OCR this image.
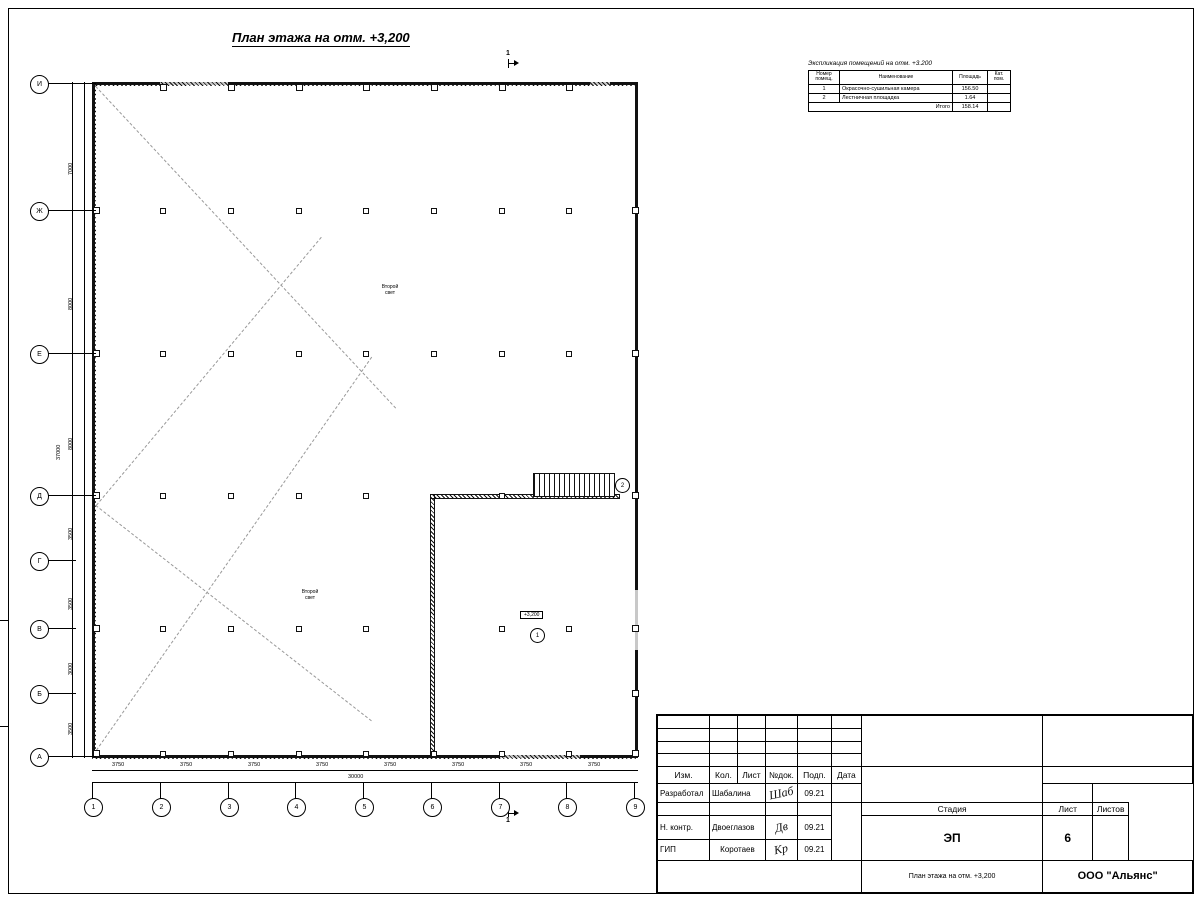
План этажа на отм. +3,200
1
1
Второй
свет
Второй
свет
2
+3,200
1
7000
8000
8000
3500
3500
3000
3500
37000
И
Ж
Е
Д
Г
В
Б
А
3750	3750	3750	3750	3750	3750	3750	3750
30000
1	2	3	4	5	6	7	8	9
Экспликация помещений на отм. +3.200
Номер помещ.	Наименование	Площадь	Кат. пом.
1	Окрасочно-сушильная камера	156.50	
2	Лестничная площадка	1.64	
Итого		158.14	

Изм.	Кол.	Лист	№док.	Подп.	Дата			
Разработал	Шабалина		Шаб	09.21				
						Стадия	Лист	Листов
Н. контр.	Двоеглазов		Дв	09.21		ЭП	6	
ГИП	Коротаев		Кр	09.21				
						План этажа на отм. +3,200	ООО "Альянс"	
